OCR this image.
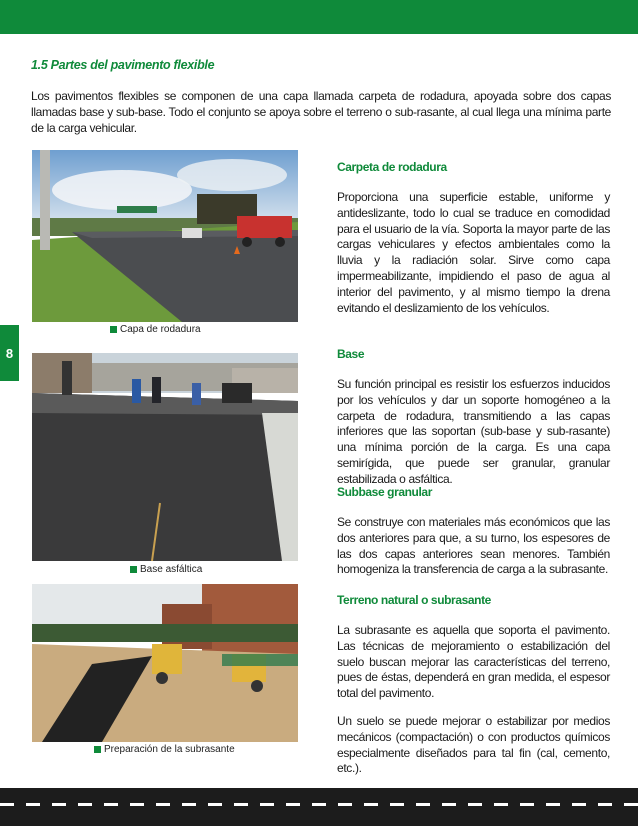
8
1.5 Partes del pavimento flexible
Los pavimentos flexibles se componen de una capa llamada carpeta de rodadura, apoyada sobre dos capas llamadas base y sub-base. Todo el conjunto se apoya sobre el terreno o sub-rasante, al cual llega una mínima parte de la carga vehicular.
Capa de rodadura
Base asfáltica
Preparación de la subrasante
Carpeta de rodadura
Proporciona una superficie estable, uniforme y antideslizante, todo lo cual se traduce en comodidad para el usuario de la vía. Soporta la mayor parte de las cargas vehiculares y efectos ambientales como la lluvia y la radiación solar. Sirve como capa impermeabilizante, impidiendo el paso de agua al interior del pavimento, y al mismo tiempo la drena evitando el deslizamiento de los vehículos.
Base
Su función principal es resistir los esfuerzos inducidos por los vehículos y dar un soporte homogéneo a la carpeta de rodadura, transmitiendo a las capas inferiores que las soportan (sub-base y sub-rasante) una mínima porción de la carga. Es una capa semirígida, que puede ser granular, granular estabilizada o asfáltica.
Subbase granular
Se construye con materiales más económicos que las dos anteriores para que, a su turno, los espesores de las dos capas anteriores sean menores. También homogeniza la transferencia de carga a la subrasante.
Terreno natural o subrasante
La subrasante es aquella que soporta el pavimento. Las técnicas de mejoramiento o estabilización del suelo buscan mejorar las características del terreno, pues de éstas, dependerá en gran medida, el espesor total del pavimento.
Un suelo se puede mejorar o estabilizar por medios mecánicos (compactación) o con productos químicos especialmente diseñados para tal fin (cal, cemento, etc.).
